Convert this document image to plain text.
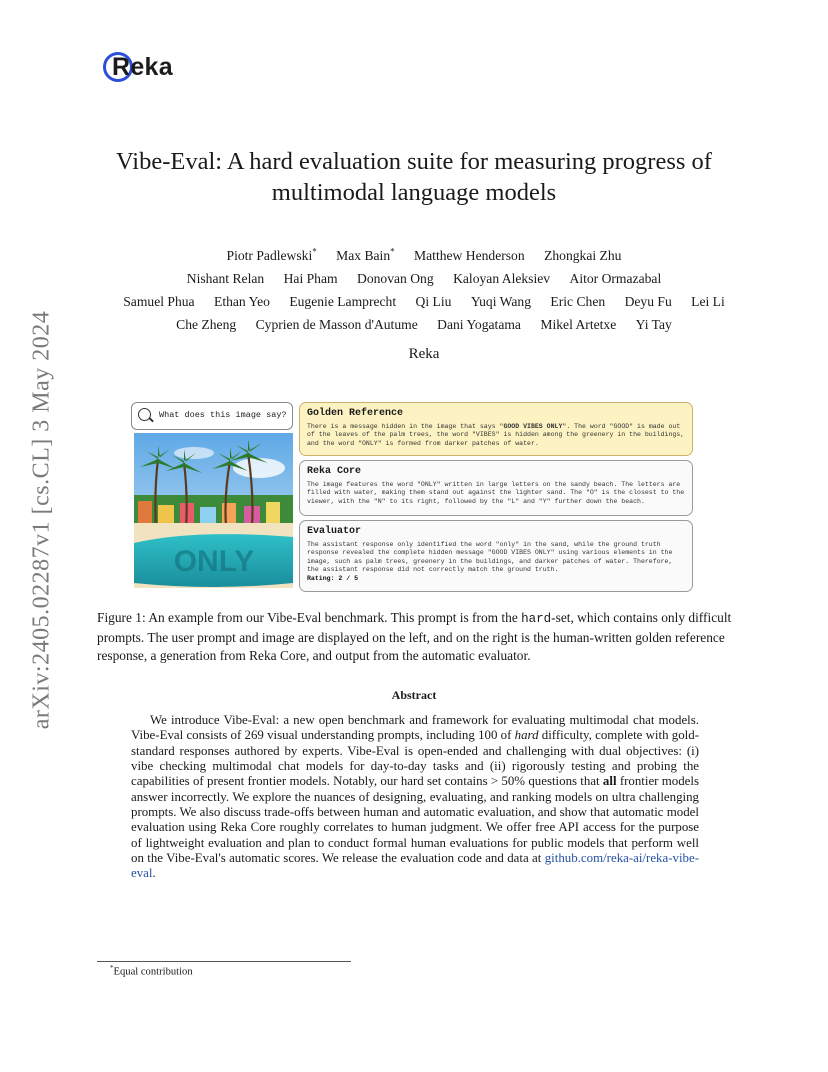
Reka
arXiv:2405.02287v1 [cs.CL] 3 May 2024
Vibe-Eval: A hard evaluation suite for measuring progress of
multimodal language models
Piotr Padlewski* Max Bain* Matthew Henderson Zhongkai Zhu
Nishant Relan Hai Pham Donovan Ong Kaloyan Aleksiev Aitor Ormazabal
Samuel Phua Ethan Yeo Eugenie Lamprecht Qi Liu Yuqi Wang Eric Chen Deyu Fu Lei Li
Che Zheng Cyprien de Masson d'Autume Dani Yogatama Mikel Artetxe Yi Tay
Reka
What does this image say?
ONLY
Golden Reference
There is a message hidden in the image that says "GOOD VIBES ONLY". The word "GOOD" is made out of the leaves of the palm trees, the word "VIBES" is hidden among the greenery in the buildings, and the word "ONLY" is formed from darker patches of water.
Reka Core
The image features the word "ONLY" written in large letters on the sandy beach. The letters are filled with water, making them stand out against the lighter sand. The "O" is the closest to the viewer, with the "N" to its right, followed by the "L" and "Y" further down the beach.
Evaluator
The assistant response only identified the word "only" in the sand, while the ground truth response revealed the complete hidden message "GOOD VIBES ONLY" using various elements in the image, such as palm trees, greenery in the buildings, and darker patches of water. Therefore, the assistant response did not correctly match the ground truth.
Rating: 2 / 5
Figure 1: An example from our Vibe-Eval benchmark. This prompt is from the hard-set, which contains only difficult prompts. The user prompt and image are displayed on the left, and on the right is the human-written golden reference response, a generation from Reka Core, and output from the automatic evaluator.
Abstract
We introduce Vibe-Eval: a new open benchmark and framework for evaluating multimodal chat models. Vibe-Eval consists of 269 visual understanding prompts, including 100 of hard difficulty, complete with gold-standard responses authored by experts. Vibe-Eval is open-ended and challenging with dual objectives: (i) vibe checking multimodal chat models for day-to-day tasks and (ii) rigorously testing and probing the capabilities of present frontier models. Notably, our hard set contains > 50% questions that all frontier models answer incorrectly. We explore the nuances of designing, evaluating, and ranking models on ultra challenging prompts. We also discuss trade-offs between human and automatic evaluation, and show that automatic model evaluation using Reka Core roughly correlates to human judgment. We offer free API access for the purpose of lightweight evaluation and plan to conduct formal human evaluations for public models that perform well on the Vibe-Eval's automatic scores. We release the evaluation code and data at github.com/reka-ai/reka-vibe-eval.
*Equal contribution
